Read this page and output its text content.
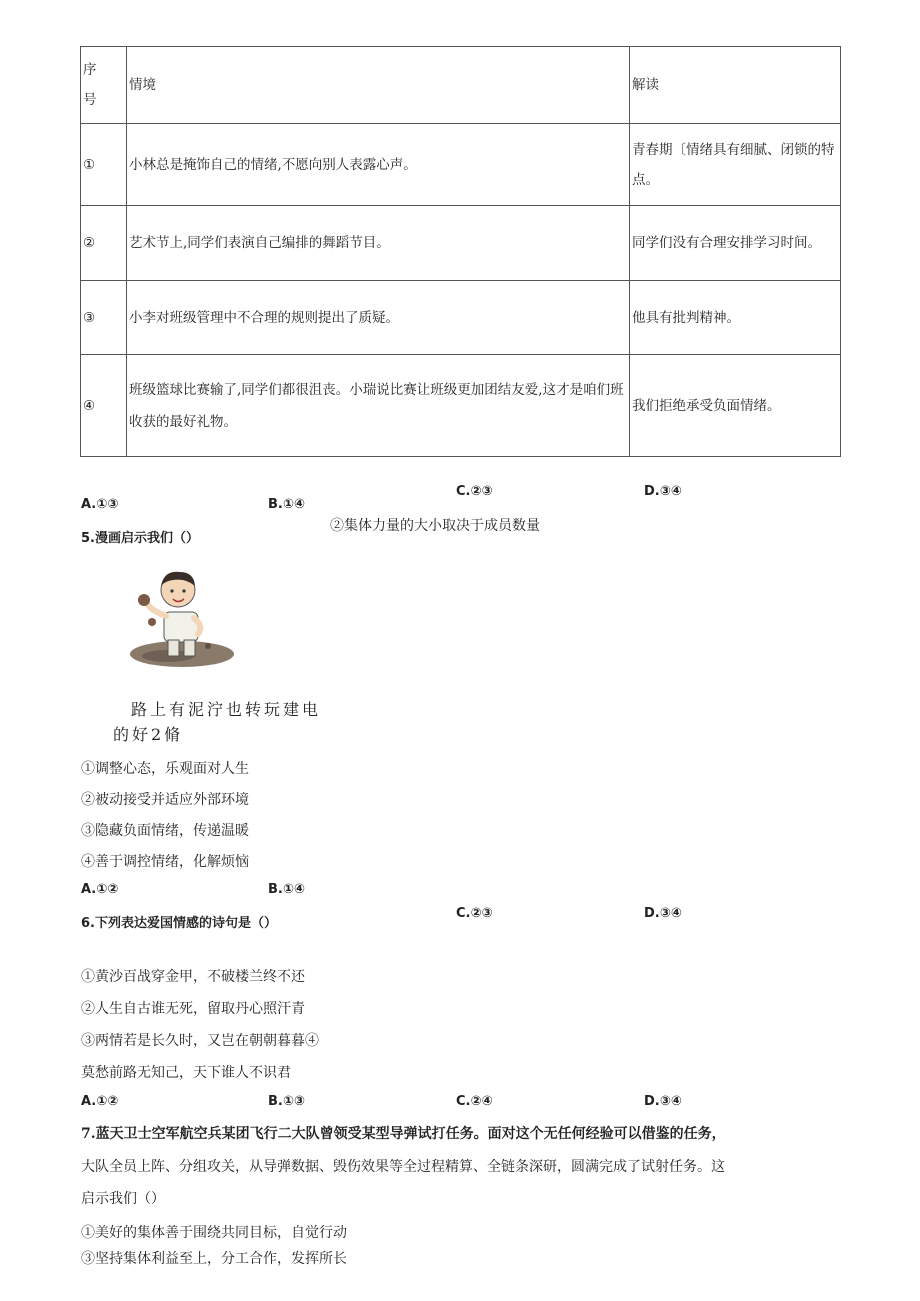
序
号	情境	解读
①	小林总是掩饰自己的情绪,不愿向别人表露心声。	青春期〔情绪具有细腻、闭锁的特点。
②	艺术节上,同学们表演自己编排的舞蹈节目。	同学们没有合理安排学习时间。
③	小李对班级管理中不合理的规则提出了质疑。	他具有批判精神。
④	班级篮球比赛输了,同学们都很沮丧。小瑞说比赛让班级更加团结友爱,这才是咱们班收获的最好礼物。	我们拒绝承受负面情绪。
A.①③	B.①④
C.②③	D.③④
②集体力量的大小取决于成员数量
5.漫画启示我们（）
路上有泥泞也转玩建电
的好2脩
①调整心态，乐观面对人生
②被动接受并适应外部环境
③隐藏负面情绪，传递温暖
④善于调控情绪，化解烦恼
A.①②	B.①④
C.②③	D.③④
6.下列表达爱国情感的诗句是（）
①黄沙百战穿金甲，不破楼兰终不还
②人生自古谁无死，留取丹心照汗青
③两情若是长久时，又岂在朝朝暮暮④
莫愁前路无知己，天下谁人不识君
A.①②	B.①③	C.②④	D.③④
7.蓝天卫士空军航空兵某团飞行二大队曾领受某型导弹试打任务。面对这个无任何经验可以借鉴的任务，
大队全员上阵、分组攻关，从导弹数据、毁伤效果等全过程精算、全链条深研，圆满完成了试射任务。这
启示我们（）
①美好的集体善于围绕共同目标，自觉行动
③坚持集体利益至上，分工合作，发挥所长
